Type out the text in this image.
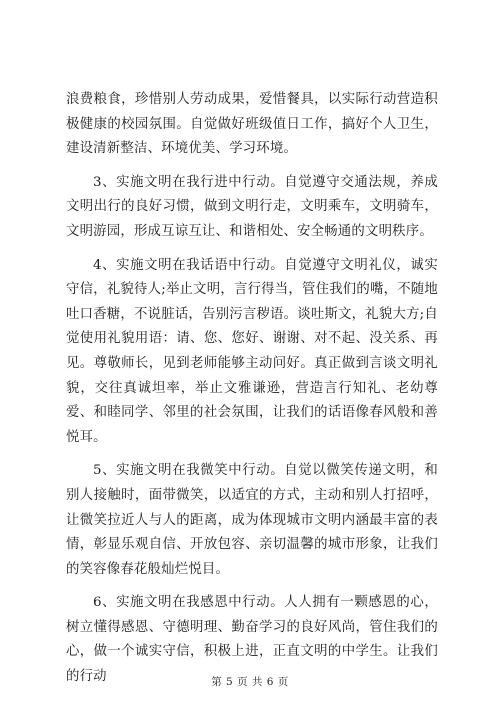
浪费粮食，珍惜别人劳动成果，爱惜餐具，以实际行动营造积极健康的校园氛围。自觉做好班级值日工作，搞好个人卫生，建设清新整洁、环境优美、学习环境。

3、实施文明在我行进中行动。自觉遵守交通法规，养成文明出行的良好习惯，做到文明行走，文明乘车，文明骑车，文明游园，形成互谅互让、和谐相处、安全畅通的文明秩序。

4、实施文明在我话语中行动。自觉遵守文明礼仪，诚实守信，礼貌待人;举止文明，言行得当，管住我们的嘴，不随地吐口香糖，不说脏话，告别污言秽语。谈吐斯文，礼貌大方;自觉使用礼貌用语：请、您、您好、谢谢、对不起、没关系、再见。尊敬师长，见到老师能够主动问好。真正做到言谈文明礼貌，交往真诚坦率，举止文雅谦逊，营造言行知礼、老幼尊爱、和睦同学、邻里的社会氛围，让我们的话语像春风般和善悦耳。

5、实施文明在我微笑中行动。自觉以微笑传递文明，和别人接触时，面带微笑，以适宜的方式，主动和别人打招呼，让微笑拉近人与人的距离，成为体现城市文明内涵最丰富的表情，彰显乐观自信、开放包容、亲切温馨的城市形象，让我们的笑容像春花般灿烂悦目。

6、实施文明在我感恩中行动。人人拥有一颗感恩的心，树立懂得感恩、守德明理、勤奋学习的良好风尚，管住我们的心，做一个诚实守信，积极上进，正直文明的中学生。让我们的行动	第 5 页 共 6 页
